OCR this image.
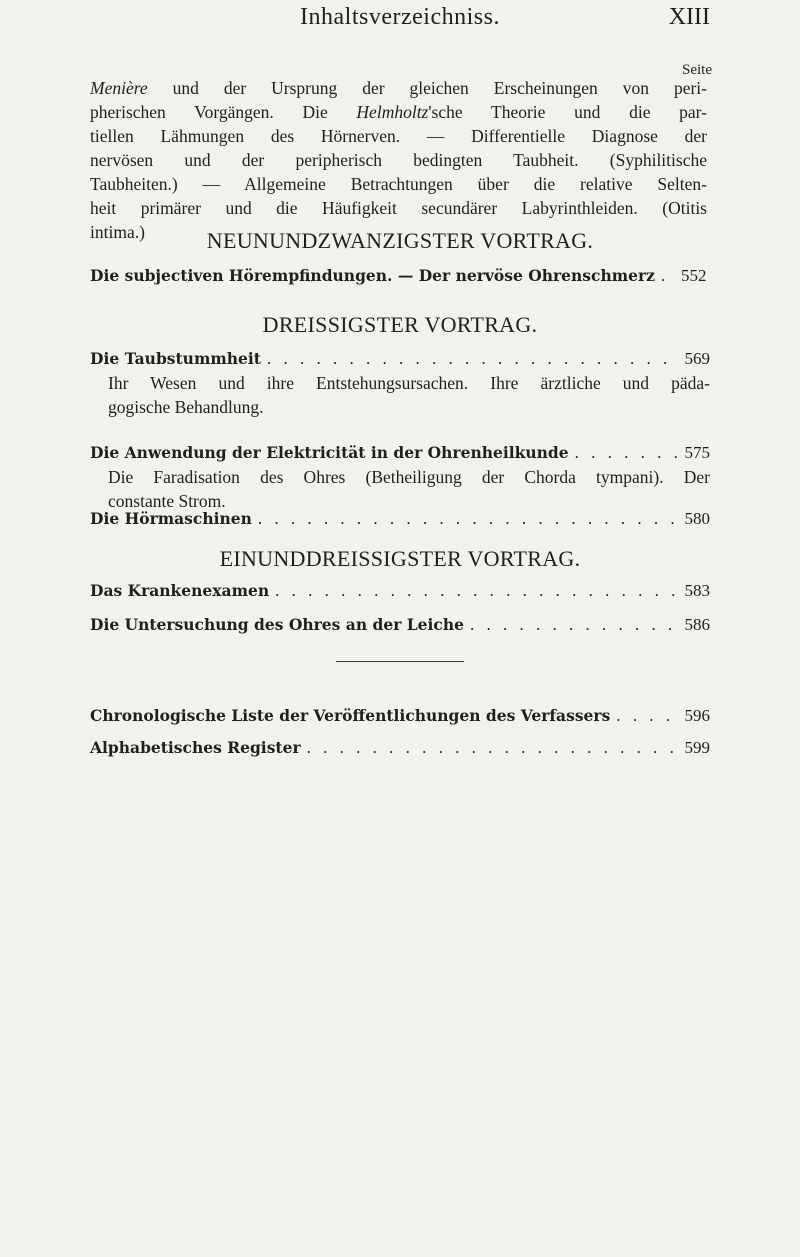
Inhaltsverzeichniss.	XIII
Seite
Menière und der Ursprung der gleichen Erscheinungen von peri-
pherischen Vorgängen. Die Helmholtz'sche Theorie und die par-
tiellen Lähmungen des Hörnerven. — Differentielle Diagnose der
nervösen und der peripherisch bedingten Taubheit. (Syphilitische
Taubheiten.) — Allgemeine Betrachtungen über die relative Selten-
heit primärer und die Häufigkeit secundärer Labyrinthleiden. (Otitis
intima.)	NEUNUNDZWANZIGSTER VORTRAG.
Die subjectiven Hörempfindungen. — Der nervöse Ohrenschmerz . . . 552
DREISSIGSTER VORTRAG.
Die Taubstummheit . . .	569
Ihr Wesen und ihre Entstehungsursachen. Ihre ärztliche und päda-
gogische Behandlung.
Die Anwendung der Elektricität in der Ohrenheilkunde . . .	575
Die Faradisation des Ohres (Betheiligung der Chorda tympani). Der
constante Strom.
Die Hörmaschinen . . .	580
EINUNDDREISSIGSTER VORTRAG.
Das Krankenexamen . . .	583
Die Untersuchung des Ohres an der Leiche . . .	586
Chronologische Liste der Veröffentlichungen des Verfassers . . .	596
Alphabetisches Register . . .	599
